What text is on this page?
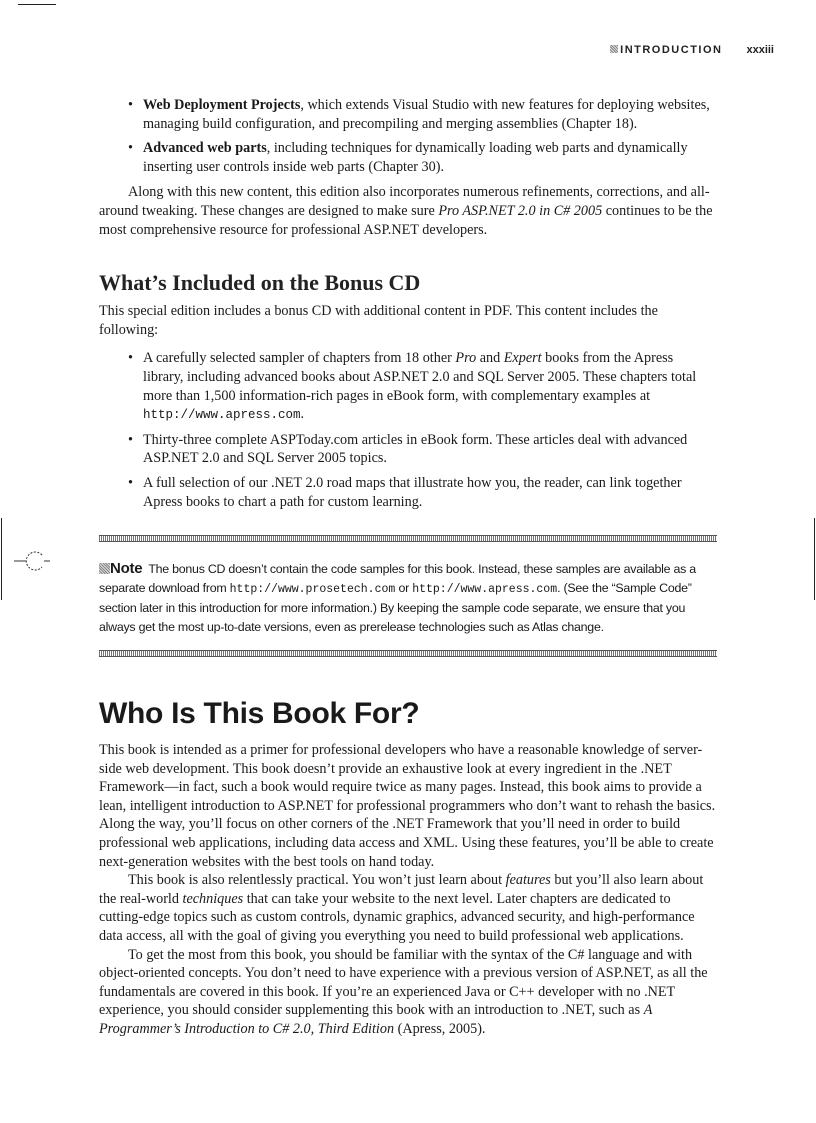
INTRODUCTION xxxiii
• Web Deployment Projects, which extends Visual Studio with new features for deploying websites, managing build configuration, and precompiling and merging assemblies (Chapter 18).
• Advanced web parts, including techniques for dynamically loading web parts and dynamically inserting user controls inside web parts (Chapter 30).

Along with this new content, this edition also incorporates numerous refinements, corrections, and all-around tweaking. These changes are designed to make sure Pro ASP.NET 2.0 in C# 2005 continues to be the most comprehensive resource for professional ASP.NET developers.

What’s Included on the Bonus CD

This special edition includes a bonus CD with additional content in PDF. This content includes the following:

• A carefully selected sampler of chapters from 18 other Pro and Expert books from the Apress library, including advanced books about ASP.NET 2.0 and SQL Server 2005. These chapters total more than 1,500 information-rich pages in eBook form, with complementary examples at http://www.apress.com.
• Thirty-three complete ASPToday.com articles in eBook form. These articles deal with advanced ASP.NET 2.0 and SQL Server 2005 topics.
• A full selection of our .NET 2.0 road maps that illustrate how you, the reader, can link together Apress books to chart a path for custom learning.
Note The bonus CD doesn’t contain the code samples for this book. Instead, these samples are available as a separate download from http://www.prosetech.com or http://www.apress.com. (See the “Sample Code” section later in this introduction for more information.) By keeping the sample code separate, we ensure that you always get the most up-to-date versions, even as prerelease technologies such as Atlas change.
Who Is This Book For?

This book is intended as a primer for professional developers who have a reasonable knowledge of server-side web development. This book doesn’t provide an exhaustive look at every ingredient in the .NET Framework—in fact, such a book would require twice as many pages. Instead, this book aims to provide a lean, intelligent introduction to ASP.NET for professional programmers who don’t want to rehash the basics. Along the way, you’ll focus on other corners of the .NET Framework that you’ll need in order to build professional web applications, including data access and XML. Using these features, you’ll be able to create next-generation websites with the best tools on hand today.

This book is also relentlessly practical. You won’t just learn about features but you’ll also learn about the real-world techniques that can take your website to the next level. Later chapters are dedicated to cutting-edge topics such as custom controls, dynamic graphics, advanced security, and high-performance data access, all with the goal of giving you everything you need to build professional web applications.

To get the most from this book, you should be familiar with the syntax of the C# language and with object-oriented concepts. You don’t need to have experience with a previous version of ASP.NET, as all the fundamentals are covered in this book. If you’re an experienced Java or C++ developer with no .NET experience, you should consider supplementing this book with an introduction to .NET, such as A Programmer’s Introduction to C# 2.0, Third Edition (Apress, 2005).
